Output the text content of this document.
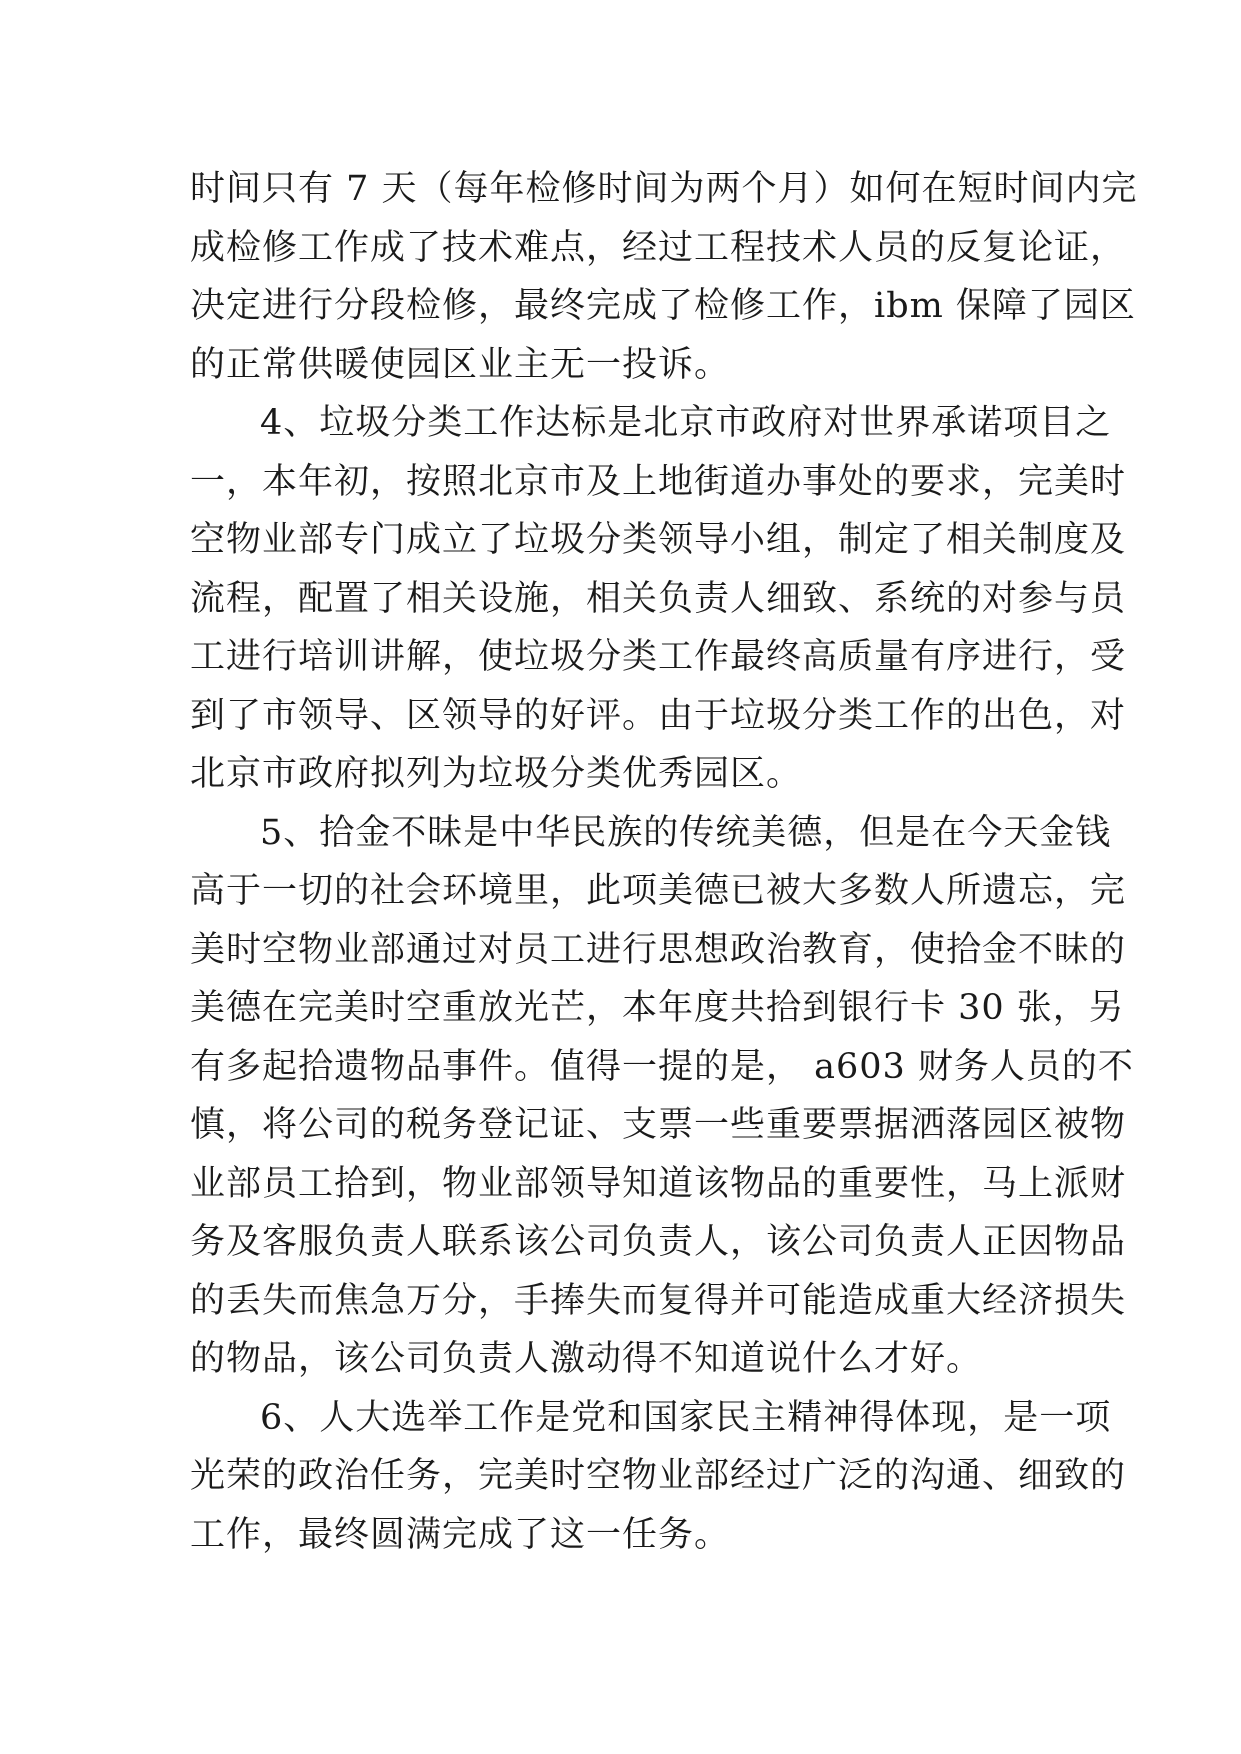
时间只有 7 天（每年检修时间为两个月）如何在短时间内完
成检修工作成了技术难点，经过工程技术人员的反复论证，
决定进行分段检修，最终完成了检修工作，ibm 保障了园区
的正常供暖使园区业主无一投诉。
4、垃圾分类工作达标是北京市政府对世界承诺项目之
一，本年初，按照北京市及上地街道办事处的要求，完美时
空物业部专门成立了垃圾分类领导小组，制定了相关制度及
流程，配置了相关设施，相关负责人细致、系统的对参与员
工进行培训讲解，使垃圾分类工作最终高质量有序进行，受
到了市领导、区领导的好评。由于垃圾分类工作的出色，对
北京市政府拟列为垃圾分类优秀园区。
5、拾金不昧是中华民族的传统美德，但是在今天金钱
高于一切的社会环境里，此项美德已被大多数人所遗忘，完
美时空物业部通过对员工进行思想政治教育，使拾金不昧的
美德在完美时空重放光芒，本年度共拾到银行卡 30 张，另
有多起拾遗物品事件。值得一提的是， a603 财务人员的不
慎，将公司的税务登记证、支票一些重要票据洒落园区被物
业部员工拾到，物业部领导知道该物品的重要性，马上派财
务及客服负责人联系该公司负责人，该公司负责人正因物品
的丢失而焦急万分，手捧失而复得并可能造成重大经济损失
的物品，该公司负责人激动得不知道说什么才好。
6、人大选举工作是党和国家民主精神得体现，是一项
光荣的政治任务，完美时空物业部经过广泛的沟通、细致的
工作，最终圆满完成了这一任务。
